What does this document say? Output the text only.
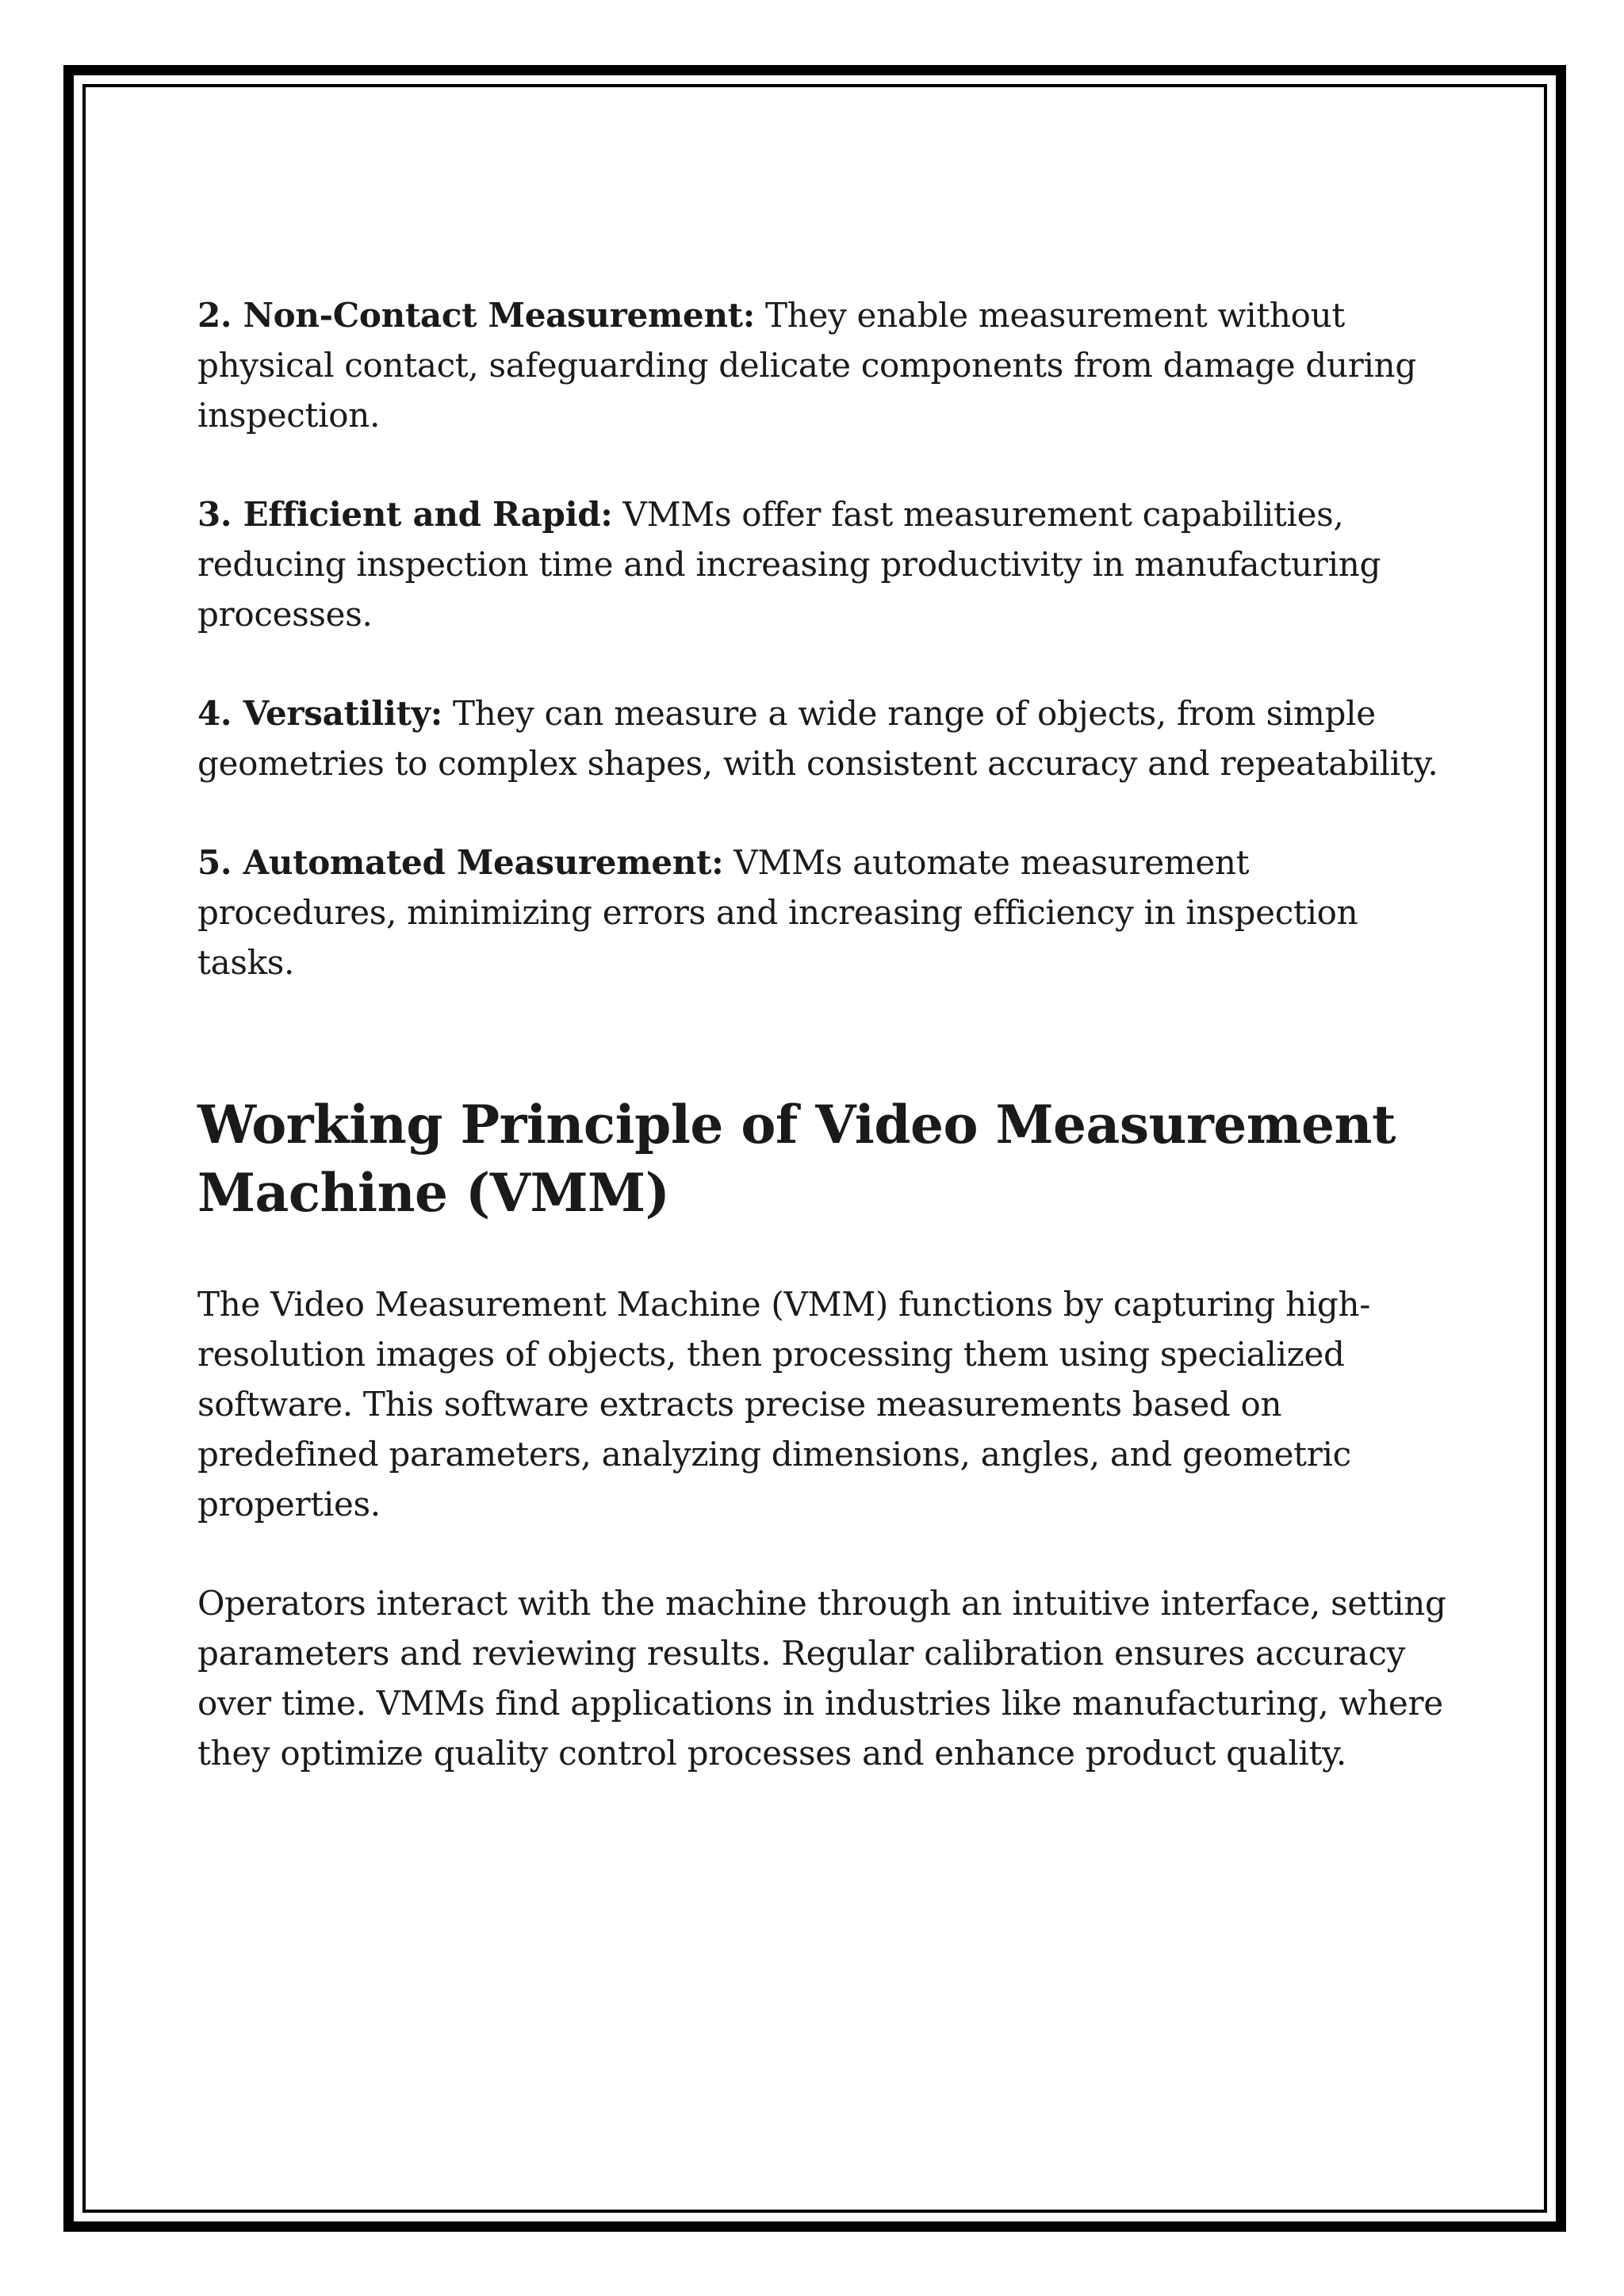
2. Non-Contact Measurement: They enable measurement without physical contact, safeguarding delicate components from damage during inspection.

3. Efficient and Rapid: VMMs offer fast measurement capabilities, reducing inspection time and increasing productivity in manufacturing processes.

4. Versatility: They can measure a wide range of objects, from simple geometries to complex shapes, with consistent accuracy and repeatability.

5. Automated Measurement: VMMs automate measurement procedures, minimizing errors and increasing efficiency in inspection tasks.

Working Principle of Video Measurement Machine (VMM)

The Video Measurement Machine (VMM) functions by capturing high-resolution images of objects, then processing them using specialized software. This software extracts precise measurements based on predefined parameters, analyzing dimensions, angles, and geometric properties.

Operators interact with the machine through an intuitive interface, setting parameters and reviewing results. Regular calibration ensures accuracy over time. VMMs find applications in industries like manufacturing, where they optimize quality control processes and enhance product quality.
